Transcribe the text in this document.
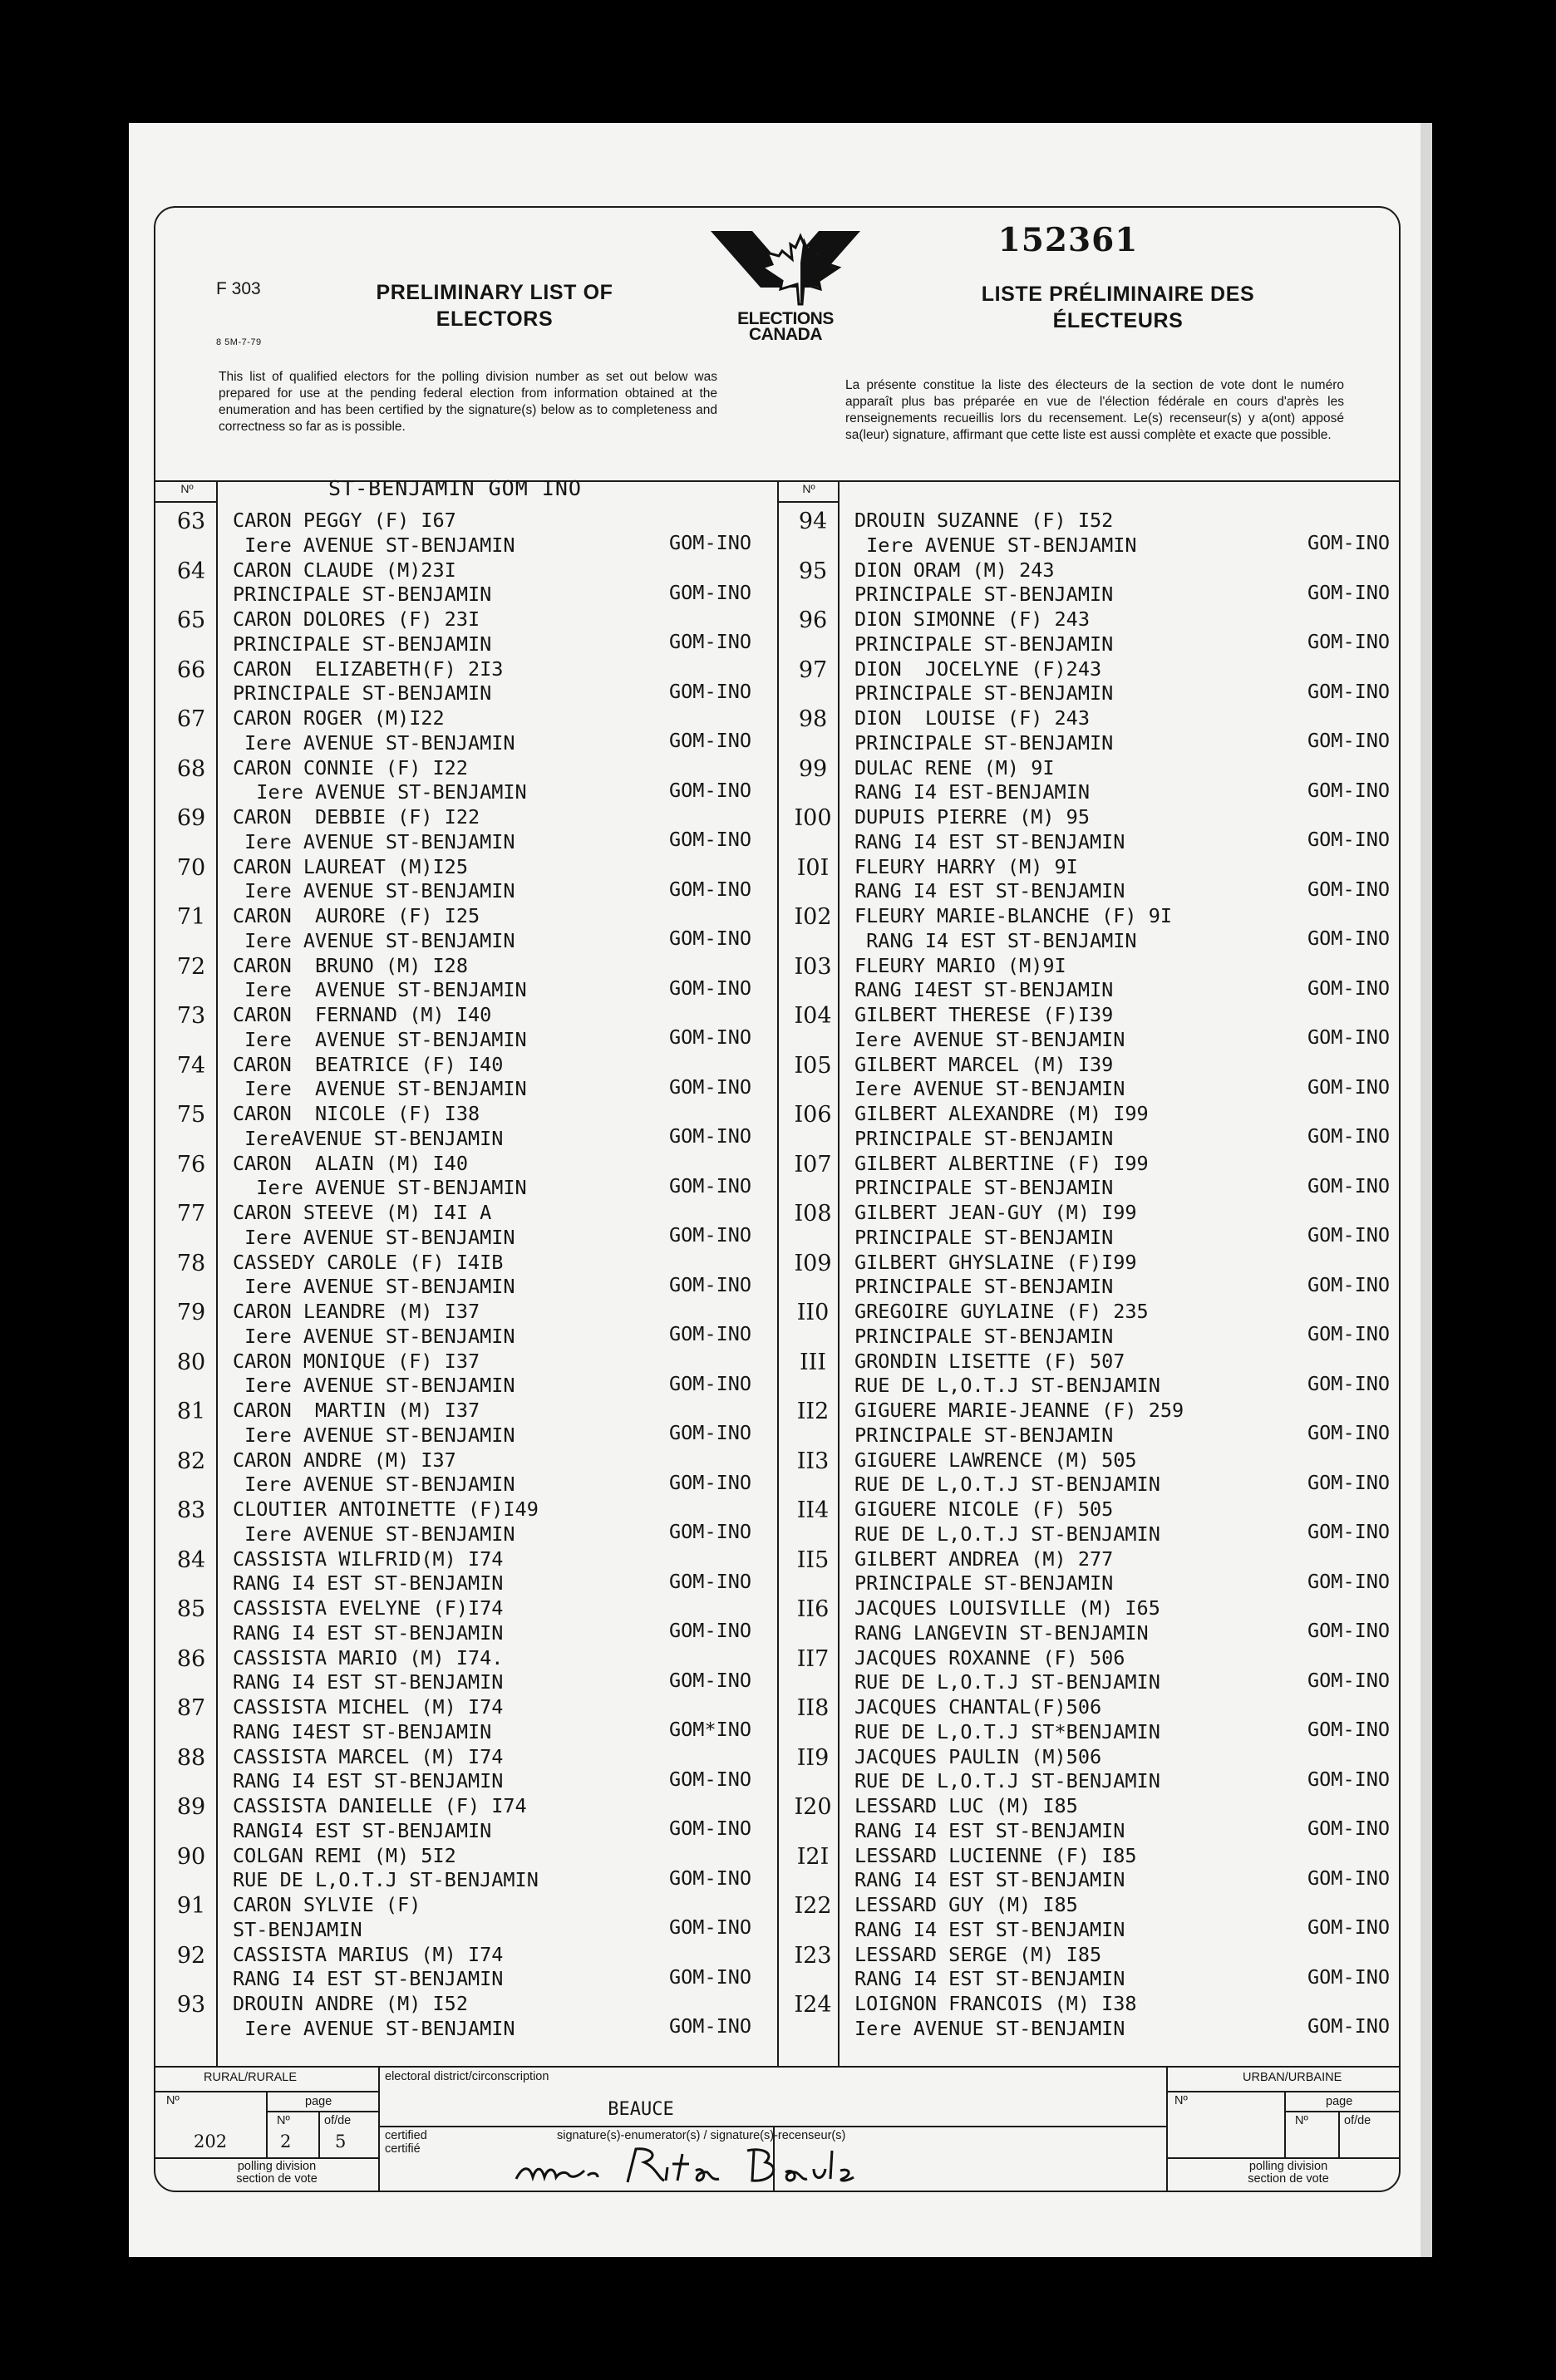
F 303
8 5M-7-79
PRELIMINARY LIST OF
ELECTORS	ELECTIONS
CANADA
152361
LISTE PRÉLIMINAIRE DES
ÉLECTEURS
This list of qualified electors for the polling division number as set out below was prepared for use at the pending federal election from information obtained at the enumeration and has been certified by the signature(s) below as to completeness and correctness so far as is possible.
La présente constitue la liste des électeurs de la section de vote dont le numéro apparaît plus bas préparée en vue de l'élection fédérale en cours d'après les renseignements recueillis lors du recensement. Le(s) recenseur(s) y a(ont) apposé sa(leur) signature, affirmant que cette liste est aussi complète et exacte que possible.
Nº	Nº
ST-BENJAMIN GOM INO
63	CARON PEGGY (F) I67
Iere AVENUE ST-BENJAMIN	GOM-INO
64	CARON CLAUDE (M)23I
PRINCIPALE ST-BENJAMIN	GOM-INO
65	CARON DOLORES (F) 23I
PRINCIPALE ST-BENJAMIN	GOM-INO
66	CARON  ELIZABETH(F) 2I3
PRINCIPALE ST-BENJAMIN	GOM-INO
67	CARON ROGER (M)I22
Iere AVENUE ST-BENJAMIN	GOM-INO
68	CARON CONNIE (F) I22
Iere AVENUE ST-BENJAMIN	GOM-INO
69	CARON  DEBBIE (F) I22
Iere AVENUE ST-BENJAMIN	GOM-INO
70	CARON LAUREAT (M)I25
Iere AVENUE ST-BENJAMIN	GOM-INO
71	CARON  AURORE (F) I25
Iere AVENUE ST-BENJAMIN	GOM-INO
72	CARON  BRUNO (M) I28
Iere  AVENUE ST-BENJAMIN	GOM-INO
73	CARON  FERNAND (M) I40
Iere  AVENUE ST-BENJAMIN	GOM-INO
74	CARON  BEATRICE (F) I40
Iere  AVENUE ST-BENJAMIN	GOM-INO
75	CARON  NICOLE (F) I38
IereAVENUE ST-BENJAMIN	GOM-INO
76	CARON  ALAIN (M) I40
Iere AVENUE ST-BENJAMIN	GOM-INO
77	CARON STEEVE (M) I4I A
Iere AVENUE ST-BENJAMIN	GOM-INO
78	CASSEDY CAROLE (F) I4IB
Iere AVENUE ST-BENJAMIN	GOM-INO
79	CARON LEANDRE (M) I37
Iere AVENUE ST-BENJAMIN	GOM-INO
80	CARON MONIQUE (F) I37
Iere AVENUE ST-BENJAMIN	GOM-INO
81	CARON  MARTIN (M) I37
Iere AVENUE ST-BENJAMIN	GOM-INO
82	CARON ANDRE (M) I37
Iere AVENUE ST-BENJAMIN	GOM-INO
83	CLOUTIER ANTOINETTE (F)I49
Iere AVENUE ST-BENJAMIN	GOM-INO
84	CASSISTA WILFRID(M) I74
RANG I4 EST ST-BENJAMIN	GOM-INO
85	CASSISTA EVELYNE (F)I74
RANG I4 EST ST-BENJAMIN	GOM-INO
86	CASSISTA MARIO (M) I74.
RANG I4 EST ST-BENJAMIN	GOM-INO
87	CASSISTA MICHEL (M) I74
RANG I4EST ST-BENJAMIN	GOM*INO
88	CASSISTA MARCEL (M) I74
RANG I4 EST ST-BENJAMIN	GOM-INO
89	CASSISTA DANIELLE (F) I74
RANGI4 EST ST-BENJAMIN	GOM-INO
90	COLGAN REMI (M) 5I2
RUE DE L,O.T.J ST-BENJAMIN	GOM-INO
91	CARON SYLVIE (F)
ST-BENJAMIN	GOM-INO
92	CASSISTA MARIUS (M) I74
RANG I4 EST ST-BENJAMIN	GOM-INO
93	DROUIN ANDRE (M) I52
Iere AVENUE ST-BENJAMIN	GOM-INO
94	DROUIN SUZANNE (F) I52
Iere AVENUE ST-BENJAMIN	GOM-INO
95	DION ORAM (M) 243
PRINCIPALE ST-BENJAMIN	GOM-INO
96	DION SIMONNE (F) 243
PRINCIPALE ST-BENJAMIN	GOM-INO
97	DION  JOCELYNE (F)243
PRINCIPALE ST-BENJAMIN	GOM-INO
98	DION  LOUISE (F) 243
PRINCIPALE ST-BENJAMIN	GOM-INO
99	DULAC RENE (M) 9I
RANG I4 EST-BENJAMIN	GOM-INO
I00	DUPUIS PIERRE (M) 95
RANG I4 EST ST-BENJAMIN	GOM-INO
I0I	FLEURY HARRY (M) 9I
RANG I4 EST ST-BENJAMIN	GOM-INO
I02	FLEURY MARIE-BLANCHE (F) 9I
RANG I4 EST ST-BENJAMIN	GOM-INO
I03	FLEURY MARIO (M)9I
RANG I4EST ST-BENJAMIN	GOM-INO
I04	GILBERT THERESE (F)I39
Iere AVENUE ST-BENJAMIN	GOM-INO
I05	GILBERT MARCEL (M) I39
Iere AVENUE ST-BENJAMIN	GOM-INO
I06	GILBERT ALEXANDRE (M) I99
PRINCIPALE ST-BENJAMIN	GOM-INO
I07	GILBERT ALBERTINE (F) I99
PRINCIPALE ST-BENJAMIN	GOM-INO
I08	GILBERT JEAN-GUY (M) I99
PRINCIPALE ST-BENJAMIN	GOM-INO
I09	GILBERT GHYSLAINE (F)I99
PRINCIPALE ST-BENJAMIN	GOM-INO
II0	GREGOIRE GUYLAINE (F) 235
PRINCIPALE ST-BENJAMIN	GOM-INO
III	GRONDIN LISETTE (F) 507
RUE DE L,O.T.J ST-BENJAMIN	GOM-INO
II2	GIGUERE MARIE-JEANNE (F) 259
PRINCIPALE ST-BENJAMIN	GOM-INO
II3	GIGUERE LAWRENCE (M) 505
RUE DE L,O.T.J ST-BENJAMIN	GOM-INO
II4	GIGUERE NICOLE (F) 505
RUE DE L,O.T.J ST-BENJAMIN	GOM-INO
II5	GILBERT ANDREA (M) 277
PRINCIPALE ST-BENJAMIN	GOM-INO
II6	JACQUES LOUISVILLE (M) I65
RANG LANGEVIN ST-BENJAMIN	GOM-INO
II7	JACQUES ROXANNE (F) 506
RUE DE L,O.T.J ST-BENJAMIN	GOM-INO
II8	JACQUES CHANTAL(F)506
RUE DE L,O.T.J ST*BENJAMIN	GOM-INO
II9	JACQUES PAULIN (M)506
RUE DE L,O.T.J ST-BENJAMIN	GOM-INO
I20	LESSARD LUC (M) I85
RANG I4 EST ST-BENJAMIN	GOM-INO
I2I	LESSARD LUCIENNE (F) I85
RANG I4 EST ST-BENJAMIN	GOM-INO
I22	LESSARD GUY (M) I85
RANG I4 EST ST-BENJAMIN	GOM-INO
I23	LESSARD SERGE (M) I85
RANG I4 EST ST-BENJAMIN	GOM-INO
I24	LOIGNON FRANCOIS (M) I38
Iere AVENUE ST-BENJAMIN	GOM-INO
RURAL/RURALE	URBAN/URBAINE
Nº	Nº
page	page
Nº	of/de	Nº	of/de
202	2	5
polling division
section de vote
polling division
section de vote
electoral district/circonscription
BEAUCE
certified
certifié
signature(s)-enumerator(s) / signature(s)-recenseur(s)
